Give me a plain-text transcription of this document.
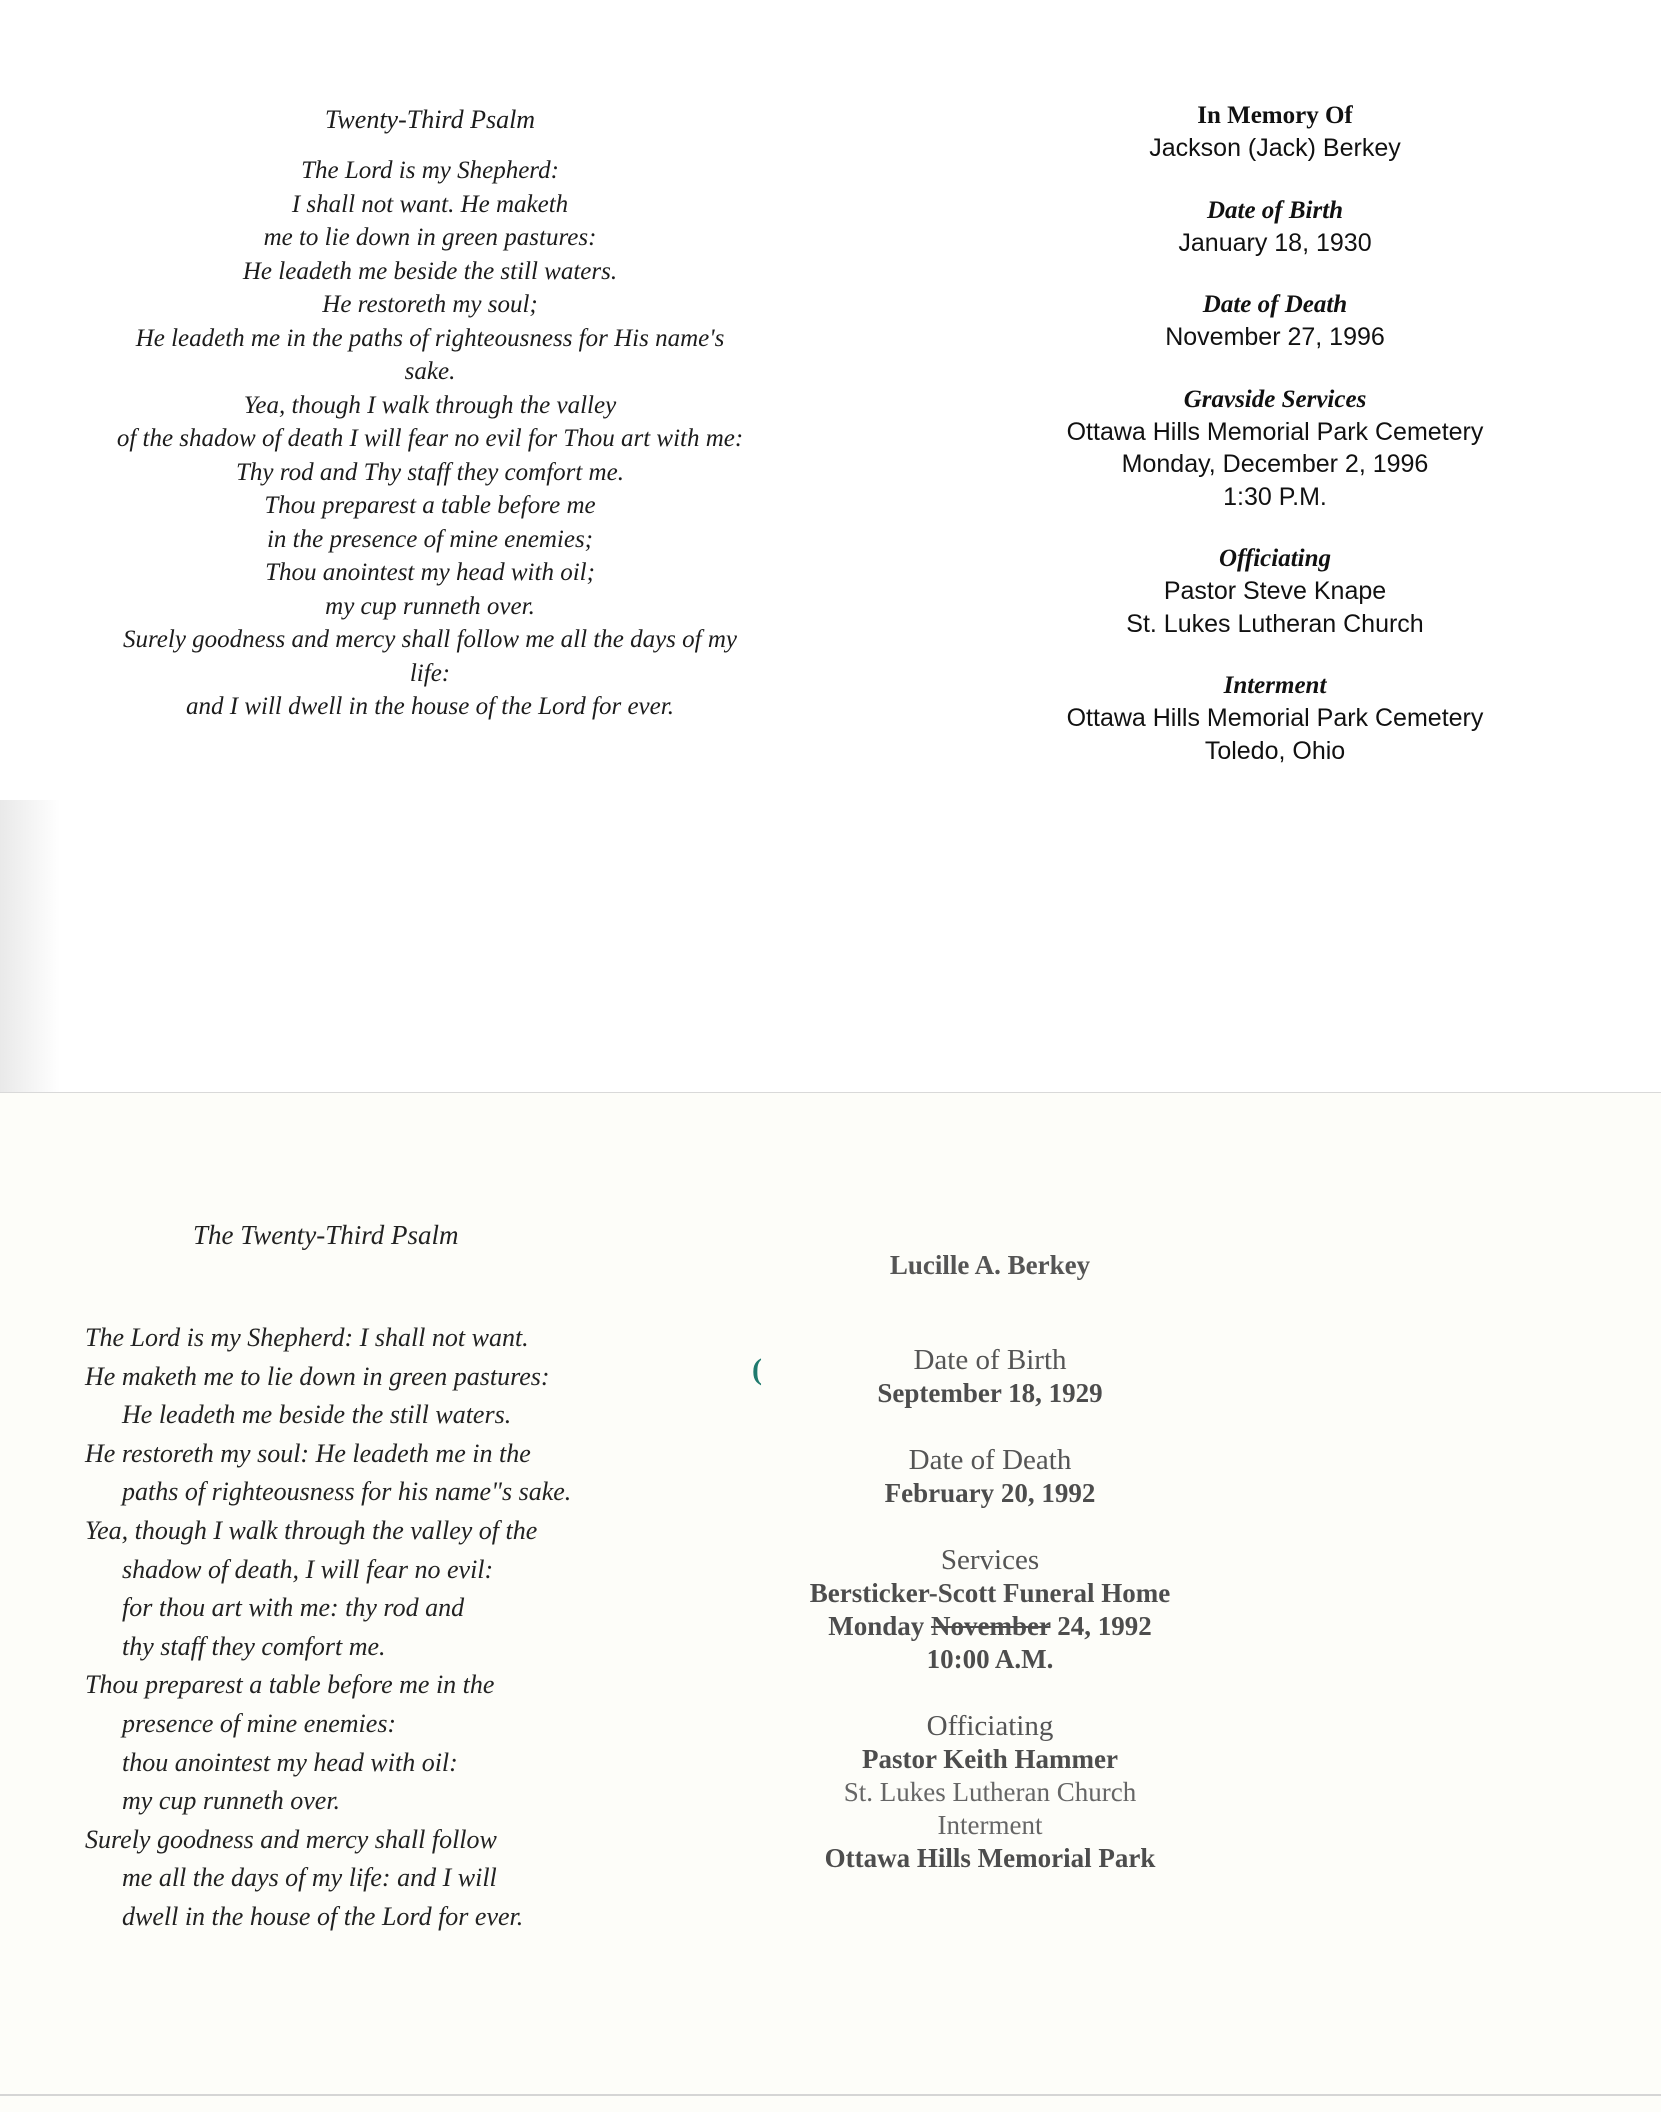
Twenty-Third Psalm
The Lord is my Shepherd:
I shall not want. He maketh
me to lie down in green pastures:
He leadeth me beside the still waters.
He restoreth my soul;
He leadeth me in the paths of righteousness for His name's
sake.
Yea, though I walk through the valley
of the shadow of death I will fear no evil for Thou art with me:
Thy rod and Thy staff they comfort me.
Thou preparest a table before me
in the presence of mine enemies;
Thou anointest my head with oil;
my cup runneth over.
Surely goodness and mercy shall follow me all the days of my
life:
and I will dwell in the house of the Lord for ever.
In Memory Of
Jackson (Jack) Berkey
Date of Birth
January 18, 1930
Date of Death
November 27, 1996
Gravside Services
Ottawa Hills Memorial Park Cemetery
Monday, December 2, 1996
1:30 P.M.
Officiating
Pastor Steve Knape
St. Lukes Lutheran Church
Interment
Ottawa Hills Memorial Park Cemetery
Toledo, Ohio
The Twenty-Third Psalm
The Lord is my Shepherd: I shall not want.
He maketh me to lie down in green pastures:
He leadeth me beside the still waters.
He restoreth my soul: He leadeth me in the
paths of righteousness for his name"s sake.
Yea, though I walk through the valley of the
shadow of death, I will fear no evil:
for thou art with me: thy rod and
thy staff they comfort me.
Thou preparest a table before me in the
presence of mine enemies:
thou anointest my head with oil:
my cup runneth over.
Surely goodness and mercy shall follow
me all the days of my life: and I will
dwell in the house of the Lord for ever.
(
Lucille A. Berkey
Date of Birth
September 18, 1929
Date of Death
February 20, 1992
Services
Bersticker-Scott Funeral Home
Monday November 24, 1992
10:00 A.M.
Officiating
Pastor Keith Hammer
St. Lukes Lutheran Church
Interment
Ottawa Hills Memorial Park
